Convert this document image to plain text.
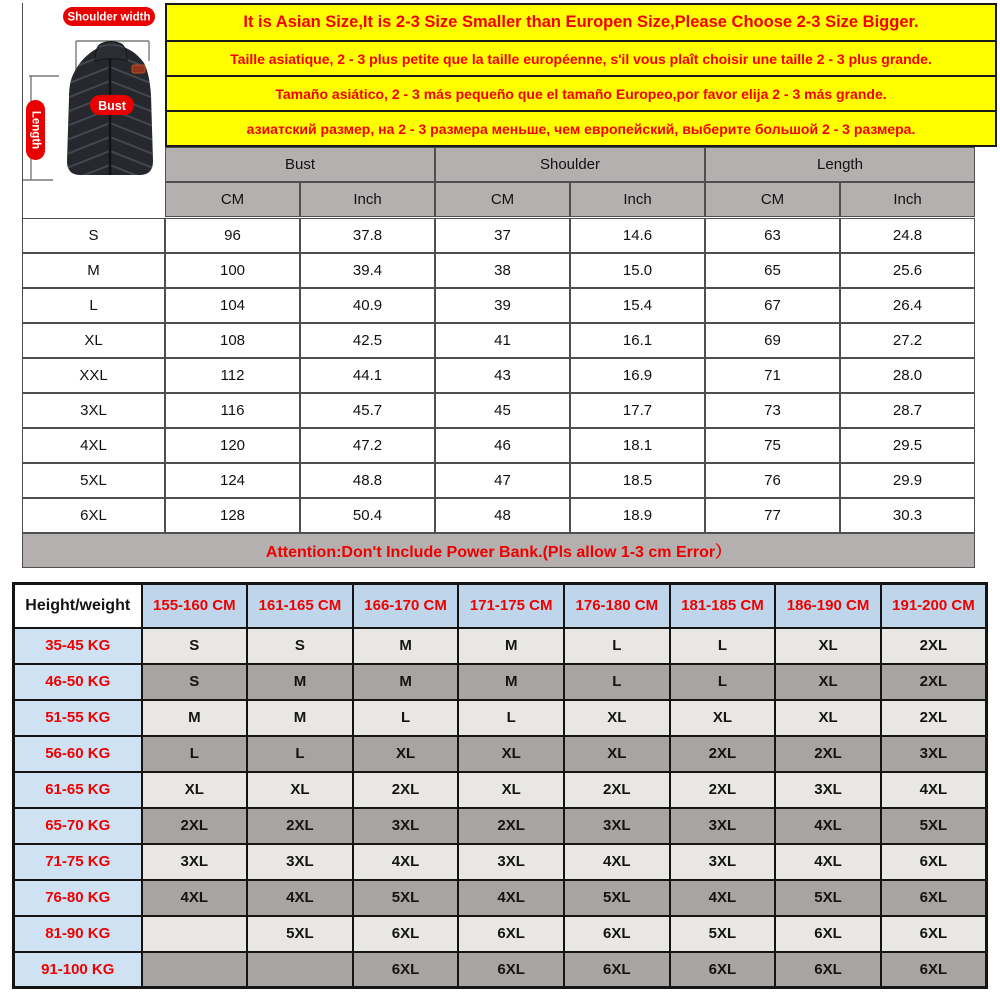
Shoulder width
Bust
Length
It is Asian Size,It is 2-3 Size Smaller than Europen Size,Please Choose 2-3 Size Bigger.
Taille asiatique, 2 - 3 plus petite que la taille européenne, s'il vous plaît choisir une taille 2 - 3 plus grande.
Tamaño asiático, 2 - 3 más pequeño que el tamaño Europeo,por favor elija 2 - 3 más grande.
азиатский размер, на 2 - 3 размера меньше, чем европейский, выберите большой 2 - 3 размера.
Bust	Shoulder	Length
CM	Inch	CM	Inch	CM	Inch
S	96	37.8	37	14.6	63	24.8
M	100	39.4	38	15.0	65	25.6
L	104	40.9	39	15.4	67	26.4
XL	108	42.5	41	16.1	69	27.2
XXL	112	44.1	43	16.9	71	28.0
3XL	116	45.7	45	17.7	73	28.7
4XL	120	47.2	46	18.1	75	29.5
5XL	124	48.8	47	18.5	76	29.9
6XL	128	50.4	48	18.9	77	30.3
Attention:Don't Include Power Bank.(Pls allow 1-3 cm Error）						
Height/weight	155-160 CM	161-165 CM	166-170 CM	171-175 CM	176-180 CM	181-185 CM	186-190 CM	191-200 CM
35-45 KG	S	S	M	M	L	L	XL	2XL
46-50 KG	S	M	M	M	L	L	XL	2XL
51-55 KG	M	M	L	L	XL	XL	XL	2XL
56-60 KG	L	L	XL	XL	XL	2XL	2XL	3XL
61-65 KG	XL	XL	2XL	XL	2XL	2XL	3XL	4XL
65-70 KG	2XL	2XL	3XL	2XL	3XL	3XL	4XL	5XL
71-75 KG	3XL	3XL	4XL	3XL	4XL	3XL	4XL	6XL
76-80 KG	4XL	4XL	5XL	4XL	5XL	4XL	5XL	6XL
81-90 KG		5XL	6XL	6XL	6XL	5XL	6XL	6XL
91-100 KG			6XL	6XL	6XL	6XL	6XL	6XL
